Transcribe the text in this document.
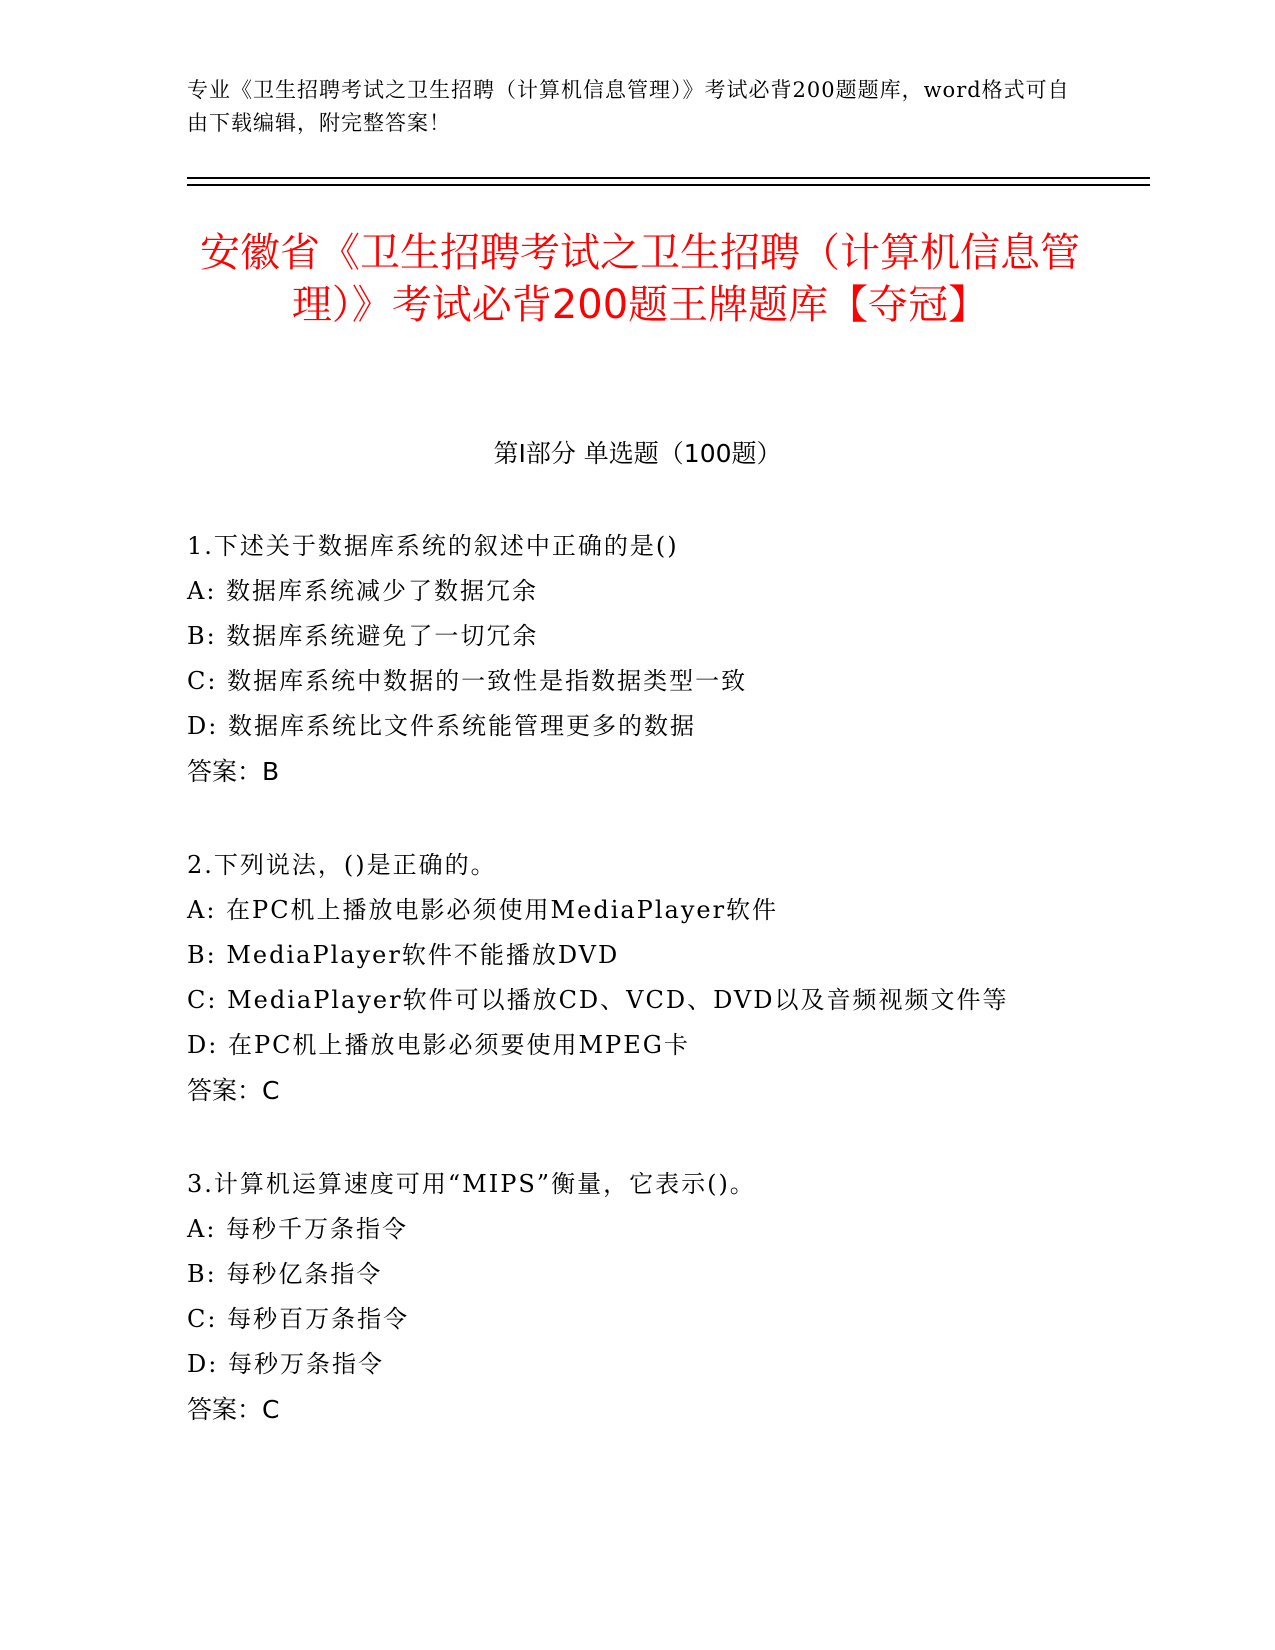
专业《卫生招聘考试之卫生招聘（计算机信息管理）》考试必背200题题库，word格式可自由下载编辑，附完整答案！
安徽省《卫生招聘考试之卫生招聘（计算机信息管理）》考试必背200题王牌题库【夺冠】
第Ⅰ部分 单选题（100题）
1.下述关于数据库系统的叙述中正确的是()
A: 数据库系统减少了数据冗余
B: 数据库系统避免了一切冗余
C: 数据库系统中数据的一致性是指数据类型一致
D: 数据库系统比文件系统能管理更多的数据
答案：B
2.下列说法，()是正确的。
A: 在PC机上播放电影必须使用MediaPlayer软件
B: MediaPlayer软件不能播放DVD
C: MediaPlayer软件可以播放CD、VCD、DVD以及音频视频文件等
D: 在PC机上播放电影必须要使用MPEG卡
答案：C
3.计算机运算速度可用“MIPS”衡量，它表示()。
A: 每秒千万条指令
B: 每秒亿条指令
C: 每秒百万条指令
D: 每秒万条指令
答案：C
